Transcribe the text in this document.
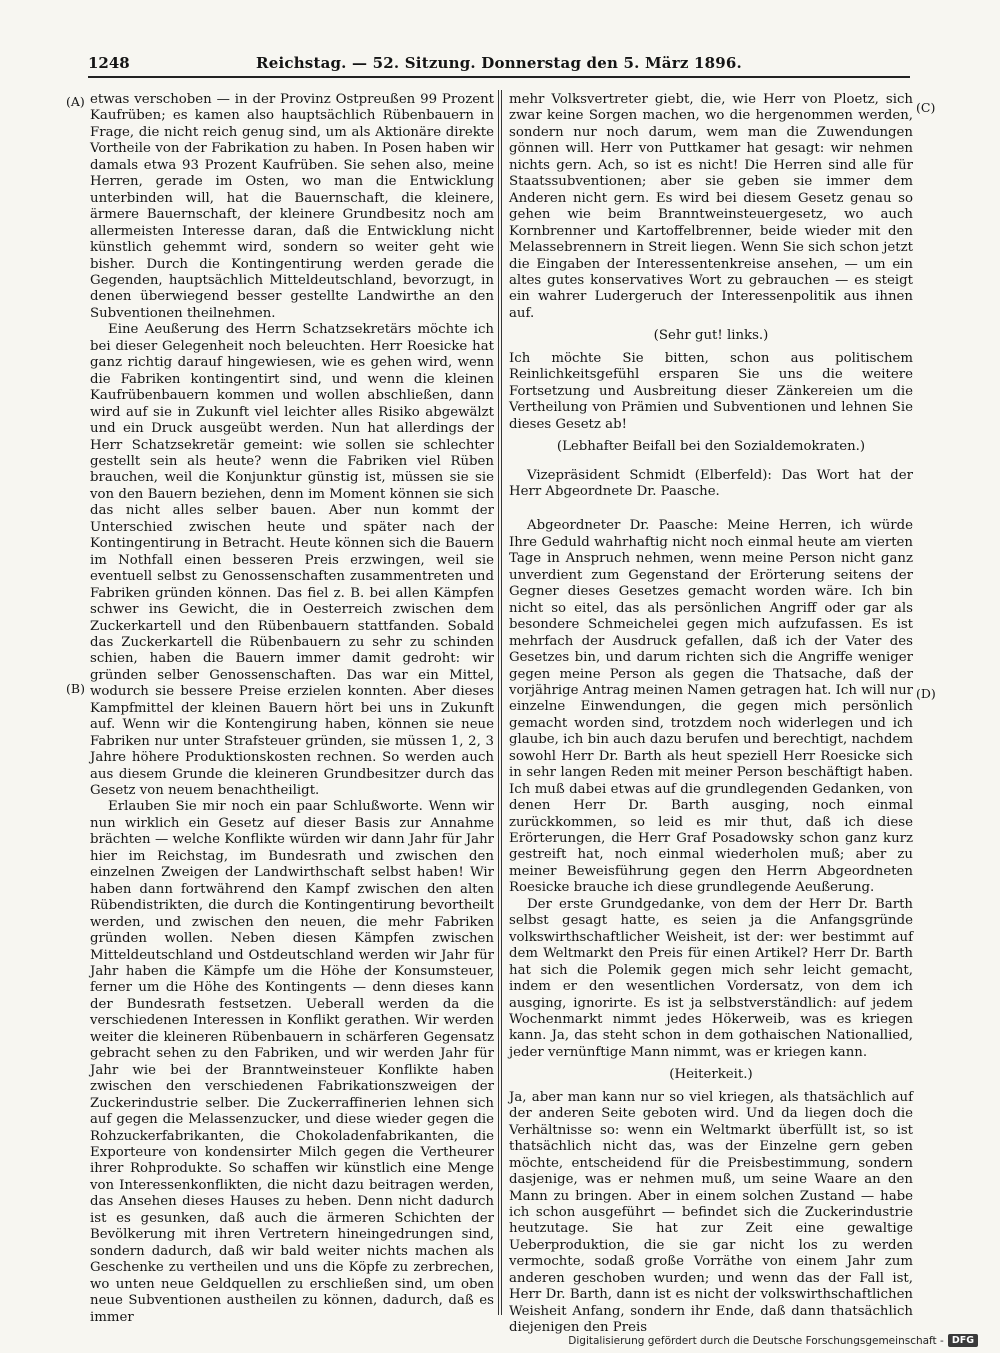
1248	Reichstag. — 52. Sitzung. Donnerstag den 5. März 1896.
(A)
(B)
(C)
(D)

etwas verschoben — in der Provinz Ostpreußen 99 Prozent Kaufrüben; es kamen also hauptsächlich Rübenbauern in Frage, die nicht reich genug sind, um als Aktionäre direkte Vortheile von der Fabrikation zu haben. In Posen haben wir damals etwa 93 Prozent Kaufrüben. Sie sehen also, meine Herren, gerade im Osten, wo man die Entwicklung unterbinden will, hat die Bauernschaft, die kleinere, ärmere Bauernschaft, der kleinere Grundbesitz noch am allermeisten Interesse daran, daß die Entwicklung nicht künstlich gehemmt wird, sondern so weiter geht wie bisher. Durch die Kontingentirung werden gerade die Gegenden, hauptsächlich Mitteldeutschland, bevorzugt, in denen überwiegend besser gestellte Landwirthe an den Subventionen theilnehmen.

Eine Aeußerung des Herrn Schatzsekretärs möchte ich bei dieser Gelegenheit noch beleuchten. Herr Roesicke hat ganz richtig darauf hingewiesen, wie es gehen wird, wenn die Fabriken kontingentirt sind, und wenn die kleinen Kaufrübenbauern kommen und wollen abschließen, dann wird auf sie in Zukunft viel leichter alles Risiko abgewälzt und ein Druck ausgeübt werden. Nun hat allerdings der Herr Schatzsekretär gemeint: wie sollen sie schlechter gestellt sein als heute? wenn die Fabriken viel Rüben brauchen, weil die Konjunktur günstig ist, müssen sie sie von den Bauern beziehen, denn im Moment können sie sich das nicht alles selber bauen. Aber nun kommt der Unterschied zwischen heute und später nach der Kontingentirung in Betracht. Heute können sich die Bauern im Nothfall einen besseren Preis erzwingen, weil sie eventuell selbst zu Genossenschaften zusammentreten und Fabriken gründen können. Das fiel z. B. bei allen Kämpfen schwer ins Gewicht, die in Oesterreich zwischen dem Zuckerkartell und den Rübenbauern stattfanden. Sobald das Zuckerkartell die Rübenbauern zu sehr zu schinden schien, haben die Bauern immer damit gedroht: wir gründen selber Genossenschaften. Das war ein Mittel, wodurch sie bessere Preise erzielen konnten. Aber dieses Kampfmittel der kleinen Bauern hört bei uns in Zukunft auf. Wenn wir die Kontengirung haben, können sie neue Fabriken nur unter Strafsteuer gründen, sie müssen 1, 2, 3 Jahre höhere Produktionskosten rechnen. So werden auch aus diesem Grunde die kleineren Grundbesitzer durch das Gesetz von neuem benachtheiligt.

Erlauben Sie mir noch ein paar Schlußworte. Wenn wir nun wirklich ein Gesetz auf dieser Basis zur Annahme brächten — welche Konflikte würden wir dann Jahr für Jahr hier im Reichstag, im Bundesrath und zwischen den einzelnen Zweigen der Landwirthschaft selbst haben! Wir haben dann fortwährend den Kampf zwischen den alten Rübendistrikten, die durch die Kontingentirung bevortheilt werden, und zwischen den neuen, die mehr Fabriken gründen wollen. Neben diesen Kämpfen zwischen Mitteldeutschland und Ostdeutschland werden wir Jahr für Jahr haben die Kämpfe um die Höhe der Konsumsteuer, ferner um die Höhe des Kontingents — denn dieses kann der Bundesrath festsetzen. Ueberall werden da die verschiedenen Interessen in Konflikt gerathen. Wir werden weiter die kleineren Rübenbauern in schärferen Gegensatz gebracht sehen zu den Fabriken, und wir werden Jahr für Jahr wie bei der Branntweinsteuer Konflikte haben zwischen den verschiedenen Fabrikationszweigen der Zuckerindustrie selber. Die Zuckerraffinerien lehnen sich auf gegen die Melassenzucker, und diese wieder gegen die Rohzuckerfabrikanten, die Chokoladenfabrikanten, die Exporteure von kondensirter Milch gegen die Vertheurer ihrer Rohprodukte. So schaffen wir künstlich eine Menge von Interessenkonflikten, die nicht dazu beitragen werden, das Ansehen dieses Hauses zu heben. Denn nicht dadurch ist es gesunken, daß auch die ärmeren Schichten der Bevölkerung mit ihren Vertretern hineingedrungen sind, sondern dadurch, daß wir bald weiter nichts machen als Geschenke zu vertheilen und uns die Köpfe zu zerbrechen, wo unten neue Geldquellen zu erschließen sind, um oben neue Subventionen austheilen zu können, dadurch, daß es immer

mehr Volksvertreter giebt, die, wie Herr von Ploetz, sich zwar keine Sorgen machen, wo die hergenommen werden, sondern nur noch darum, wem man die Zuwendungen gönnen will. Herr von Puttkamer hat gesagt: wir nehmen nichts gern. Ach, so ist es nicht! Die Herren sind alle für Staatssubventionen; aber sie geben sie immer dem Anderen nicht gern. Es wird bei diesem Gesetz genau so gehen wie beim Branntweinsteuergesetz, wo auch Kornbrenner und Kartoffelbrenner, beide wieder mit den Melassebrennern in Streit liegen. Wenn Sie sich schon jetzt die Eingaben der Interessentenkreise ansehen, — um ein altes gutes konservatives Wort zu gebrauchen — es steigt ein wahrer Ludergeruch der Interessenpolitik aus ihnen auf.

(Sehr gut! links.)

Ich möchte Sie bitten, schon aus politischem Reinlichkeitsgefühl ersparen Sie uns die weitere Fortsetzung und Ausbreitung dieser Zänkereien um die Vertheilung von Prämien und Subventionen und lehnen Sie dieses Gesetz ab!

(Lebhafter Beifall bei den Sozialdemokraten.)

Vizepräsident Schmidt (Elberfeld): Das Wort hat der Herr Abgeordnete Dr. Paasche.

Abgeordneter Dr. Paasche: Meine Herren, ich würde Ihre Geduld wahrhaftig nicht noch einmal heute am vierten Tage in Anspruch nehmen, wenn meine Person nicht ganz unverdient zum Gegenstand der Erörterung seitens der Gegner dieses Gesetzes gemacht worden wäre. Ich bin nicht so eitel, das als persönlichen Angriff oder gar als besondere Schmeichelei gegen mich aufzufassen. Es ist mehrfach der Ausdruck gefallen, daß ich der Vater des Gesetzes bin, und darum richten sich die Angriffe weniger gegen meine Person als gegen die Thatsache, daß der vorjährige Antrag meinen Namen getragen hat. Ich will nur einzelne Einwendungen, die gegen mich persönlich gemacht worden sind, trotzdem noch widerlegen und ich glaube, ich bin auch dazu berufen und berechtigt, nachdem sowohl Herr Dr. Barth als heut speziell Herr Roesicke sich in sehr langen Reden mit meiner Person beschäftigt haben. Ich muß dabei etwas auf die grundlegenden Gedanken, von denen Herr Dr. Barth ausging, noch einmal zurückkommen, so leid es mir thut, daß ich diese Erörterungen, die Herr Graf Posadowsky schon ganz kurz gestreift hat, noch einmal wiederholen muß; aber zu meiner Beweisführung gegen den Herrn Abgeordneten Roesicke brauche ich diese grundlegende Aeußerung.

Der erste Grundgedanke, von dem der Herr Dr. Barth selbst gesagt hatte, es seien ja die Anfangsgründe volkswirthschaftlicher Weisheit, ist der: wer bestimmt auf dem Weltmarkt den Preis für einen Artikel? Herr Dr. Barth hat sich die Polemik gegen mich sehr leicht gemacht, indem er den wesentlichen Vordersatz, von dem ich ausging, ignorirte. Es ist ja selbstverständlich: auf jedem Wochenmarkt nimmt jedes Hökerweib, was es kriegen kann. Ja, das steht schon in dem gothaischen Nationallied, jeder vernünftige Mann nimmt, was er kriegen kann.

(Heiterkeit.)

Ja, aber man kann nur so viel kriegen, als thatsächlich auf der anderen Seite geboten wird. Und da liegen doch die Verhältnisse so: wenn ein Weltmarkt überfüllt ist, so ist thatsächlich nicht das, was der Einzelne gern geben möchte, entscheidend für die Preisbestimmung, sondern dasjenige, was er nehmen muß, um seine Waare an den Mann zu bringen. Aber in einem solchen Zustand — habe ich schon ausgeführt — befindet sich die Zuckerindustrie heutzutage. Sie hat zur Zeit eine gewaltige Ueberproduktion, die sie gar nicht los zu werden vermochte, sodaß große Vorräthe von einem Jahr zum anderen geschoben wurden; und wenn das der Fall ist, Herr Dr. Barth, dann ist es nicht der volkswirthschaftlichen Weisheit Anfang, sondern ihr Ende, daß dann thatsächlich diejenigen den Preis

Digitalisierung gefördert durch die Deutsche Forschungsgemeinschaft - DFG
